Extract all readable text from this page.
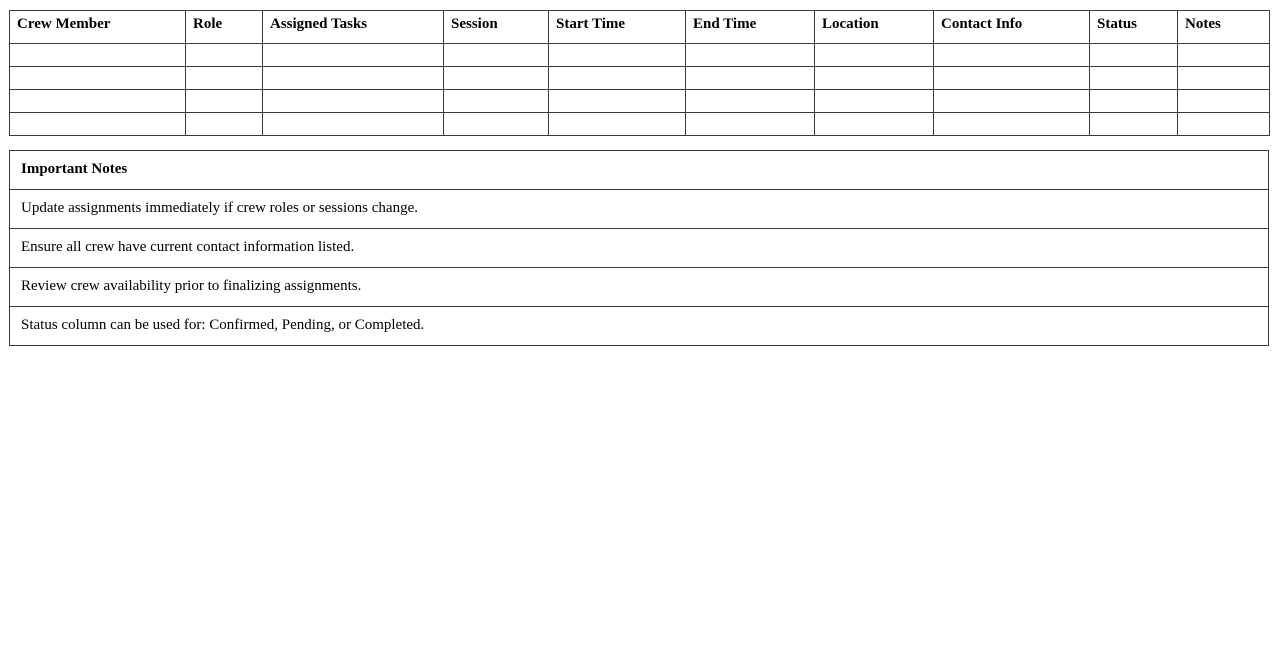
Crew Member	Role	Assigned Tasks	Session	Start Time	End Time	Location	Contact Info	Status	Notes

Important Notes
Update assignments immediately if crew roles or sessions change.
Ensure all crew have current contact information listed.
Review crew availability prior to finalizing assignments.
Status column can be used for: Confirmed, Pending, or Completed.
